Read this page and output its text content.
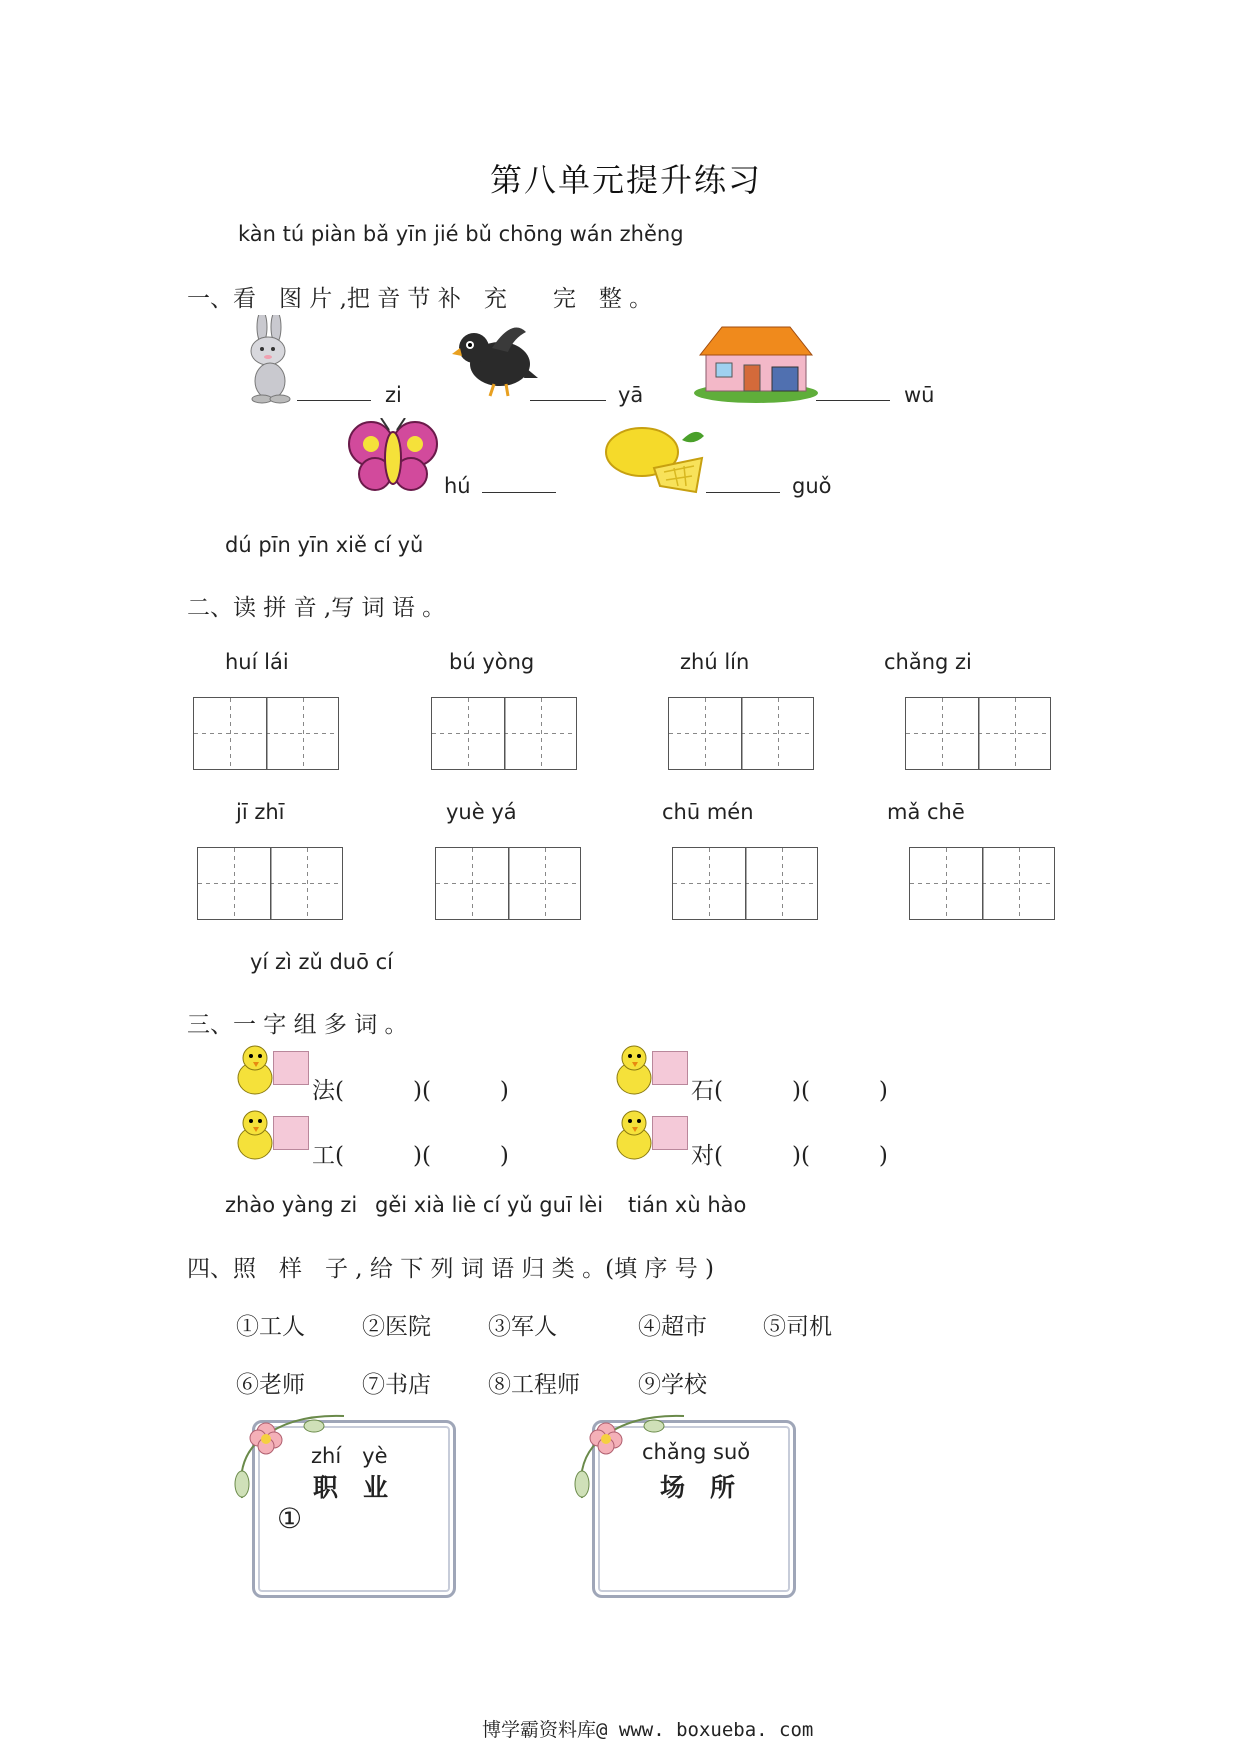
第八单元提升练习
kàn tú piàn bǎ yīn jié bǔ chōng wán zhěng
一、看　图 片 ,把 音 节 补　充　　完　整 。
zi	yā	wū
hú	guǒ
dú pīn yīn xiě cí yǔ
二、读 拼 音 ,写 词 语 。
huí lái	bú yòng	zhú lín	chǎng zi
jī zhī	yuè yá	chū mén	mǎ chē
yí zì zǔ duō cí
三、一 字 组 多 词 。
法(　　　)(　　　)	石(　　　)(　　　)
工(　　　)(　　　)	对(　　　)(　　　)
zhào yàng zi gěi xià liè cí yǔ guī lèi tián xù hào
四、照　样　子 , 给 下 列 词 语 归 类 。(填 序 号 )
①工人 ②医院 ③军人	④超市 ⑤司机
⑥老师 ⑦书店 ⑧工程师	⑨学校
zhí　yè
职　业
①
chǎng suǒ
场　所
博学霸资料库@ www. boxueba. com
